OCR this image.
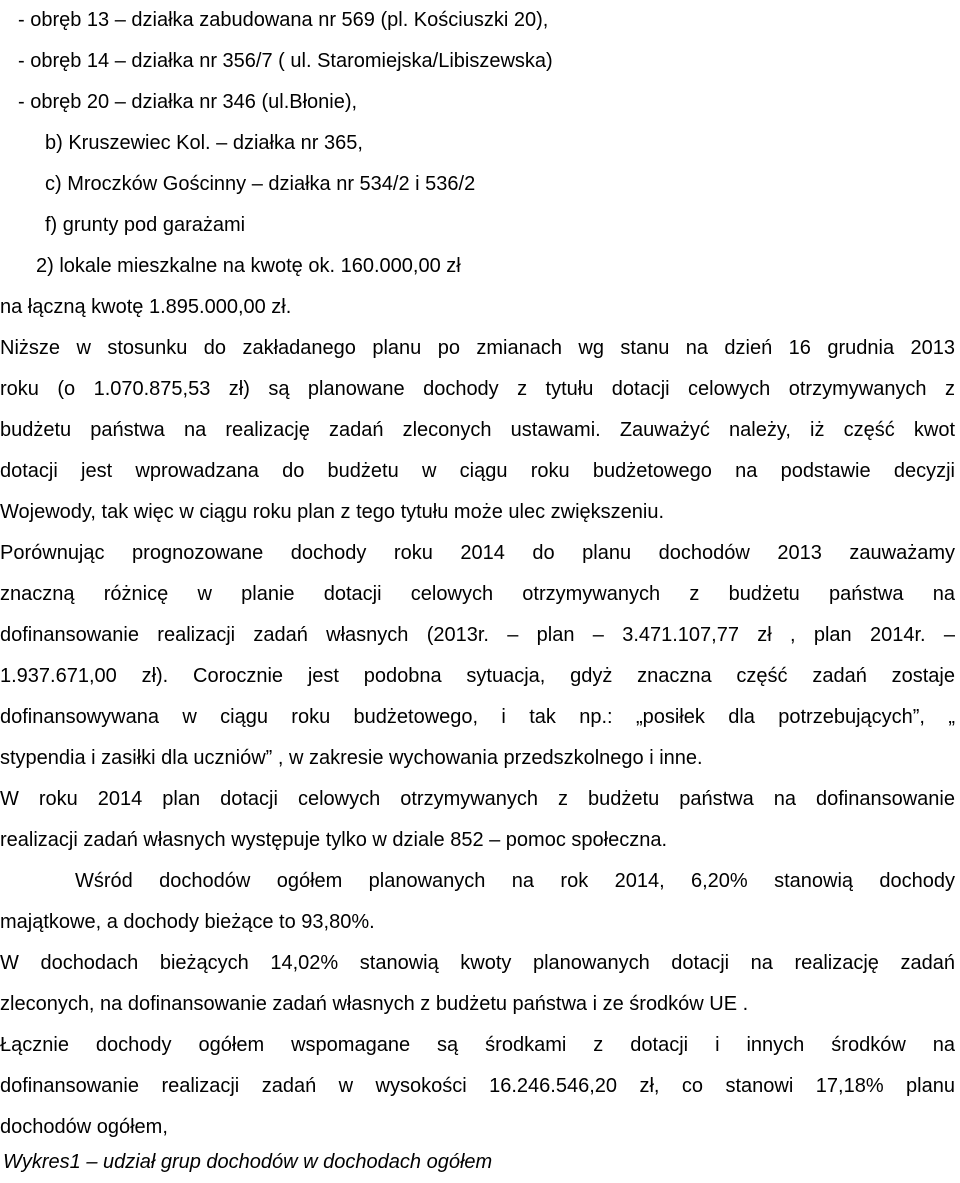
- obręb 13 – działka zabudowana nr 569 (pl. Kościuszki 20),
- obręb 14 – działka nr 356/7 ( ul. Staromiejska/Libiszewska)
- obręb 20 – działka nr 346 (ul.Błonie),
b) Kruszewiec Kol. – działka nr 365,
c) Mroczków Gościnny – działka nr 534/2 i 536/2
f) grunty pod garażami
2) lokale mieszkalne na kwotę ok. 160.000,00 zł
na łączną kwotę 1.895.000,00 zł.
Niższe w stosunku do zakładanego planu po zmianach wg stanu na dzień 16 grudnia 2013
roku (o 1.070.875,53 zł) są planowane dochody z tytułu dotacji celowych otrzymywanych z
budżetu państwa na realizację zadań zleconych ustawami. Zauważyć należy, iż część kwot
dotacji jest wprowadzana do budżetu w ciągu roku budżetowego na podstawie decyzji
Wojewody, tak więc w ciągu roku plan z tego tytułu może ulec zwiększeniu.
Porównując prognozowane dochody roku 2014 do planu dochodów 2013 zauważamy
znaczną różnicę w planie dotacji celowych otrzymywanych z budżetu państwa na
dofinansowanie realizacji zadań własnych (2013r. – plan – 3.471.107,77 zł , plan 2014r. –
1.937.671,00 zł). Corocznie jest podobna sytuacja, gdyż znaczna część zadań zostaje
dofinansowywana w ciągu roku budżetowego, i tak np.: „posiłek dla potrzebujących”, „
stypendia i zasiłki dla uczniów” , w zakresie wychowania przedszkolnego i inne.
W roku 2014 plan dotacji celowych otrzymywanych z budżetu państwa na dofinansowanie
realizacji zadań własnych występuje tylko w dziale 852 – pomoc społeczna.
Wśród dochodów ogółem planowanych na rok 2014, 6,20% stanowią dochody
majątkowe, a dochody bieżące to 93,80%.
W dochodach bieżących 14,02% stanowią kwoty planowanych dotacji na realizację zadań
zleconych, na dofinansowanie zadań własnych z budżetu państwa i ze środków UE .
Łącznie dochody ogółem wspomagane są środkami z dotacji i innych środków na
dofinansowanie realizacji zadań w wysokości 16.246.546,20 zł, co stanowi 17,18% planu
dochodów ogółem,
Wykres1 – udział grup dochodów w dochodach ogółem
